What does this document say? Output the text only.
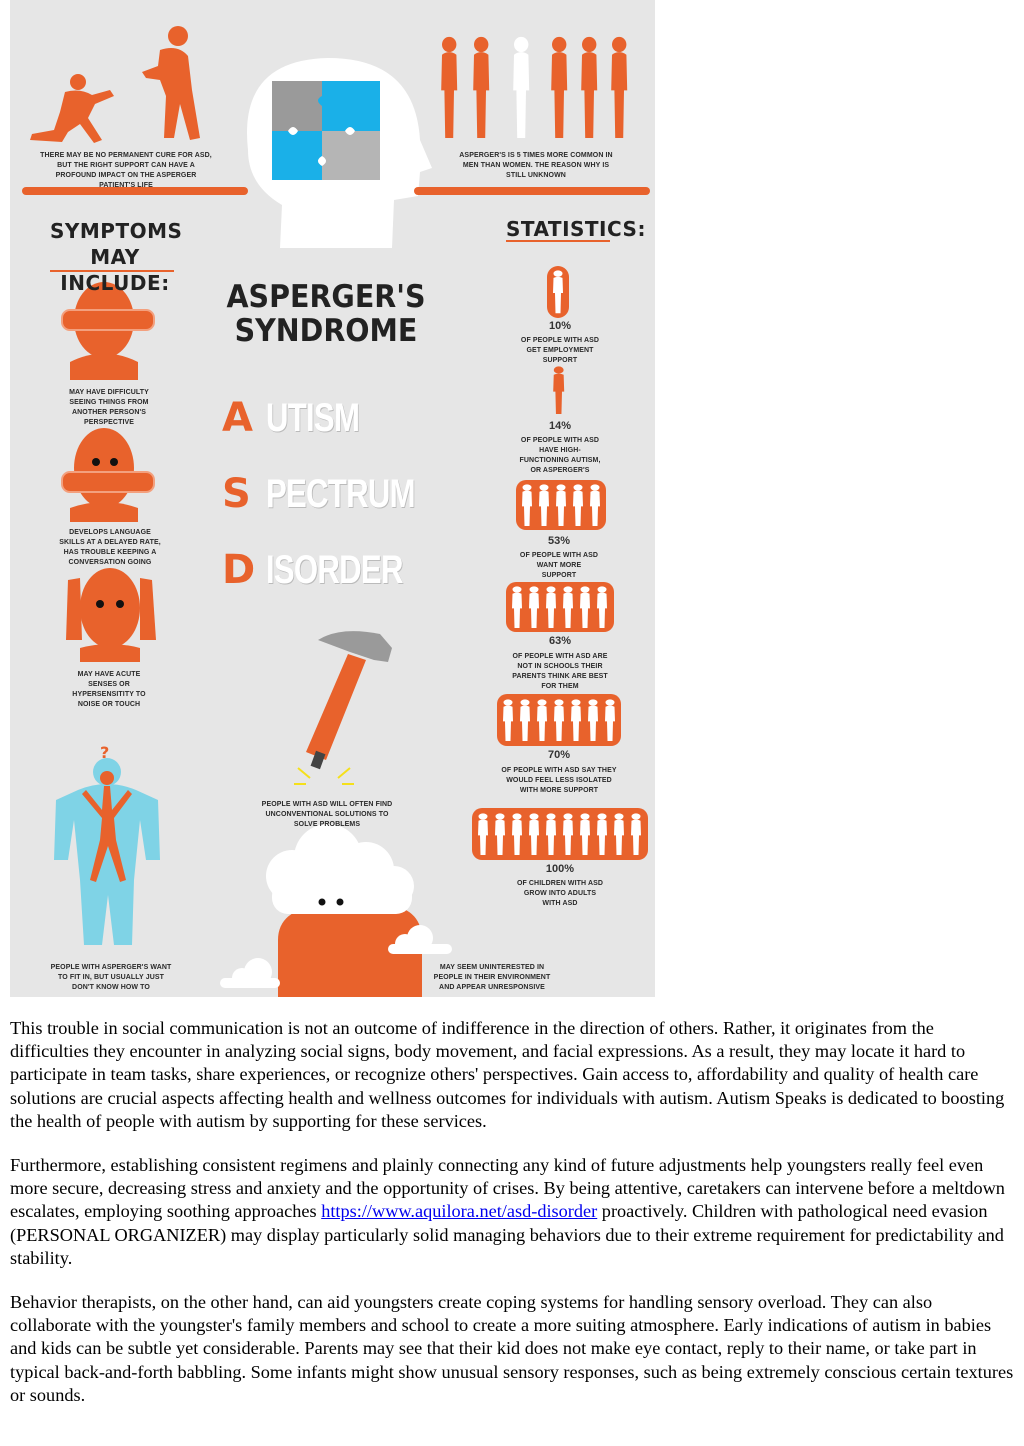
?
THERE MAY BE NO PERMANENT CURE FOR ASD, BUT THE RIGHT SUPPORT CAN HAVE A PROFOUND IMPACT ON THE ASPERGER PATIENT'S LIFE
ASPERGER'S IS 5 TIMES MORE COMMON IN MEN THAN WOMEN. THE REASON WHY IS STILL UNKNOWN
SYMPTOMS
MAY INCLUDE:
STATISTICS:
ASPERGER'S
SYNDROME
A UTISM
S PECTRUM
D ISORDER
MAY HAVE DIFFICULTY SEEING THINGS FROM ANOTHER PERSON'S PERSPECTIVE
DEVELOPS LANGUAGE SKILLS AT A DELAYED RATE, HAS TROUBLE KEEPING A CONVERSATION GOING
MAY HAVE ACUTE SENSES OR HYPERSENSITITY TO NOISE OR TOUCH
PEOPLE WITH ASPERGER'S WANT TO FIT IN, BUT USUALLY JUST DON'T KNOW HOW TO
PEOPLE WITH ASD WILL OFTEN FIND UNCONVENTIONAL SOLUTIONS TO SOLVE PROBLEMS
MAY SEEM UNINTERESTED IN PEOPLE IN THEIR ENVIRONMENT AND APPEAR UNRESPONSIVE
10%
OF PEOPLE WITH ASD GET EMPLOYMENT SUPPORT
14%
OF PEOPLE WITH ASD HAVE HIGH-FUNCTIONING AUTISM, OR ASPERGER'S
53%
OF PEOPLE WITH ASD WANT MORE SUPPORT
63%
OF PEOPLE WITH ASD ARE NOT IN SCHOOLS THEIR PARENTS THINK ARE BEST FOR THEM
70%
OF PEOPLE WITH ASD SAY THEY WOULD FEEL LESS ISOLATED WITH MORE SUPPORT
100%
OF CHILDREN WITH ASD GROW INTO ADULTS WITH ASD

This trouble in social communication is not an outcome of indifference in the direction of others. Rather, it originates from the difficulties they encounter in analyzing social signs, body movement, and facial expressions. As a result, they may locate it hard to participate in team tasks, share experiences, or recognize others' perspectives. Gain access to, affordability and quality of health care solutions are crucial aspects affecting health and wellness outcomes for individuals with autism. Autism Speaks is dedicated to boosting the health of people with autism by supporting for these services.

Furthermore, establishing consistent regimens and plainly connecting any kind of future adjustments help youngsters really feel even more secure, decreasing stress and anxiety and the opportunity of crises. By being attentive, caretakers can intervene before a meltdown escalates, employing soothing approaches https://www.aquilora.net/asd-disorder proactively. Children with pathological need evasion (PERSONAL ORGANIZER) may display particularly solid managing behaviors due to their extreme requirement for predictability and stability.

Behavior therapists, on the other hand, can aid youngsters create coping systems for handling sensory overload. They can also collaborate with the youngster's family members and school to create a more suiting atmosphere. Early indications of autism in babies and kids can be subtle yet considerable. Parents may see that their kid does not make eye contact, reply to their name, or take part in typical back-and-forth babbling. Some infants might show unusual sensory responses, such as being extremely conscious certain textures or sounds.
